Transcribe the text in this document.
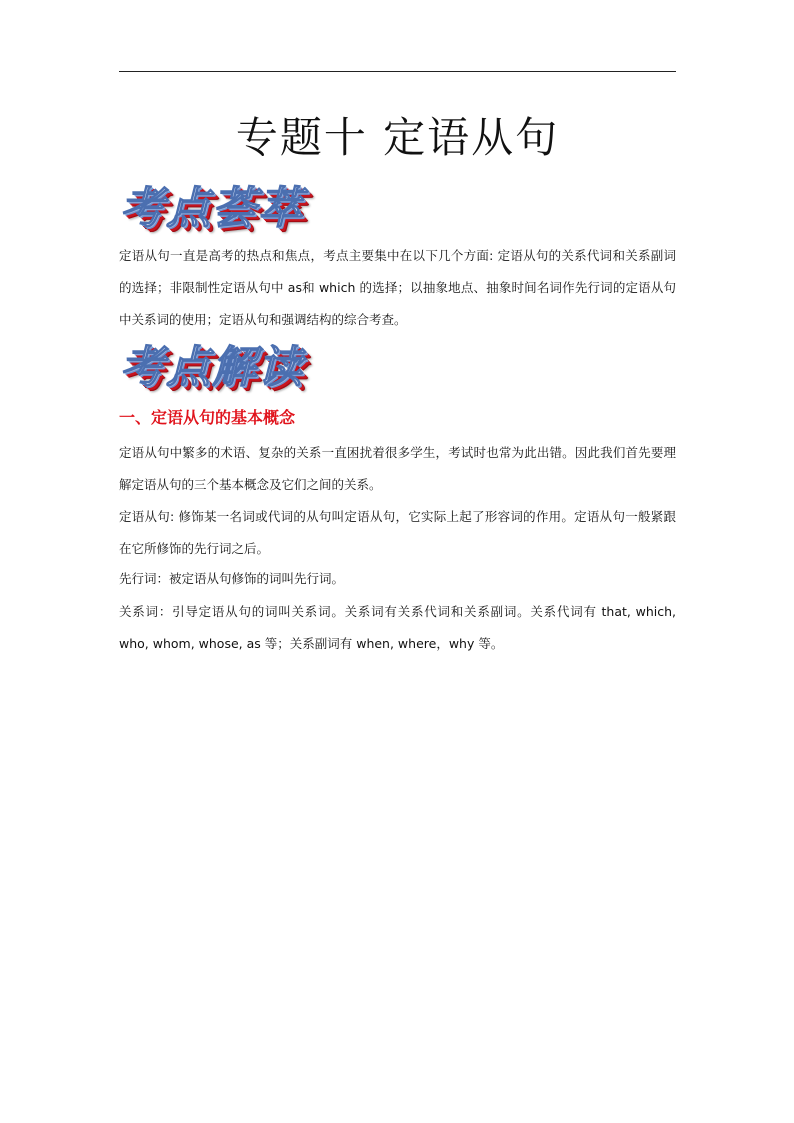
专题十 定语从句
考点荟萃
定语从句一直是高考的热点和焦点，考点主要集中在以下几个方面: 定语从句的关系代词和关系副词的选择；非限制性定语从句中 as和 which 的选择；以抽象地点、抽象时间名词作先行词的定语从句中关系词的使用；定语从句和强调结构的综合考查。
考点解读
一、定语从句的基本概念
定语从句中繁多的术语、复杂的关系一直困扰着很多学生，考试时也常为此出错。因此我们首先要理解定语从句的三个基本概念及它们之间的关系。
定语从句: 修饰某一名词或代词的从句叫定语从句，它实际上起了形容词的作用。定语从句一般紧跟在它所修饰的先行词之后。
先行词：被定语从句修饰的词叫先行词。
关系词：引导定语从句的词叫关系词。关系词有关系代词和关系副词。关系代词有 that, which, who, whom, whose, as 等；关系副词有 when, where，why 等。
